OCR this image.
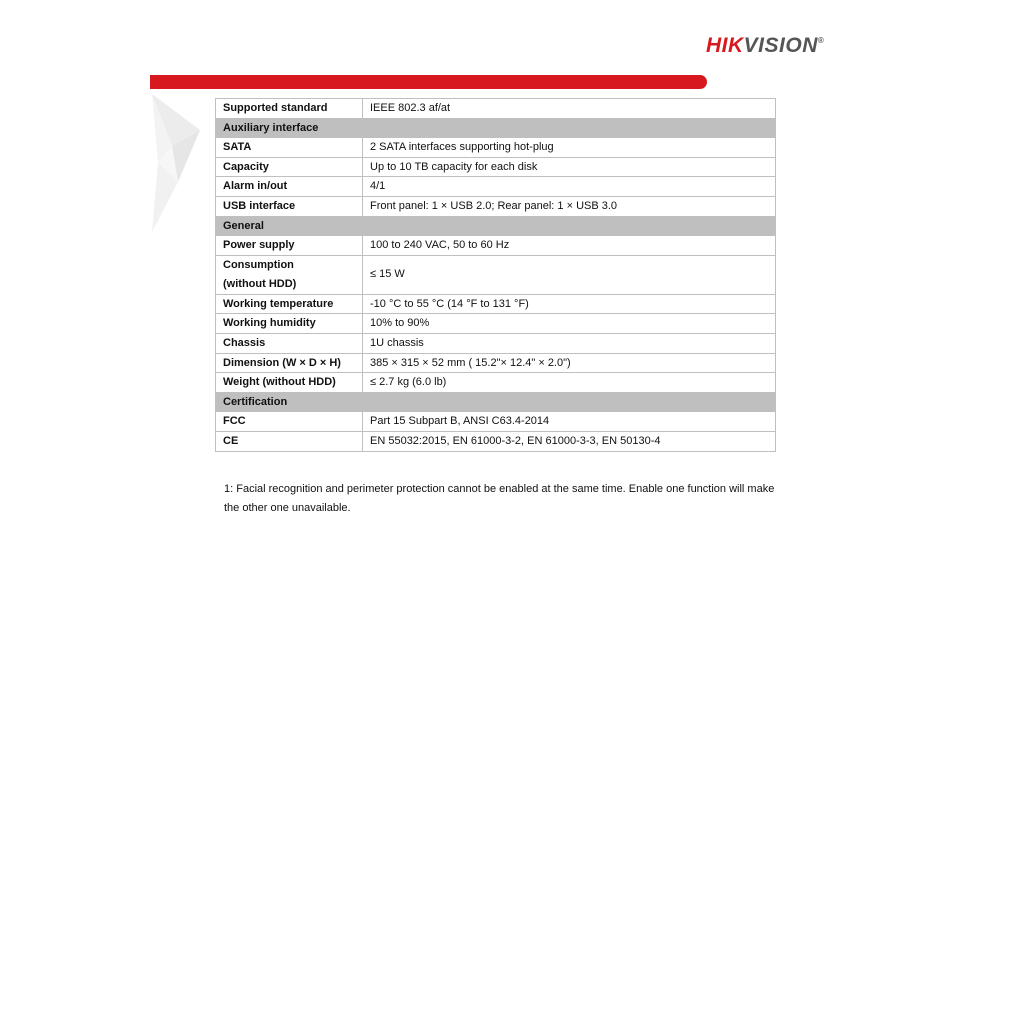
HIKVISION®
Supported standard	IEEE 802.3 af/at
Auxiliary interface	
SATA	2 SATA interfaces supporting hot-plug
Capacity	Up to 10 TB capacity for each disk
Alarm in/out	4/1
USB interface	Front panel: 1 × USB 2.0; Rear panel: 1 × USB 3.0
General	
Power supply	100 to 240 VAC, 50 to 60 Hz

Consumption
(without HDD)	≤ 15 W
Working temperature	-10 °C to 55 °C (14 °F to 131 °F)
Working humidity	10% to 90%
Chassis	1U chassis
Dimension (W × D × H)	385 × 315 × 52 mm ( 15.2"× 12.4" × 2.0")
Weight (without HDD)	≤ 2.7 kg (6.0 lb)
Certification	
FCC	Part 15 Subpart B, ANSI C63.4-2014
CE	EN 55032:2015, EN 61000-3-2, EN 61000-3-3, EN 50130-4
1: Facial recognition and perimeter protection cannot be enabled at the same time. Enable one function will make
the other one unavailable.
